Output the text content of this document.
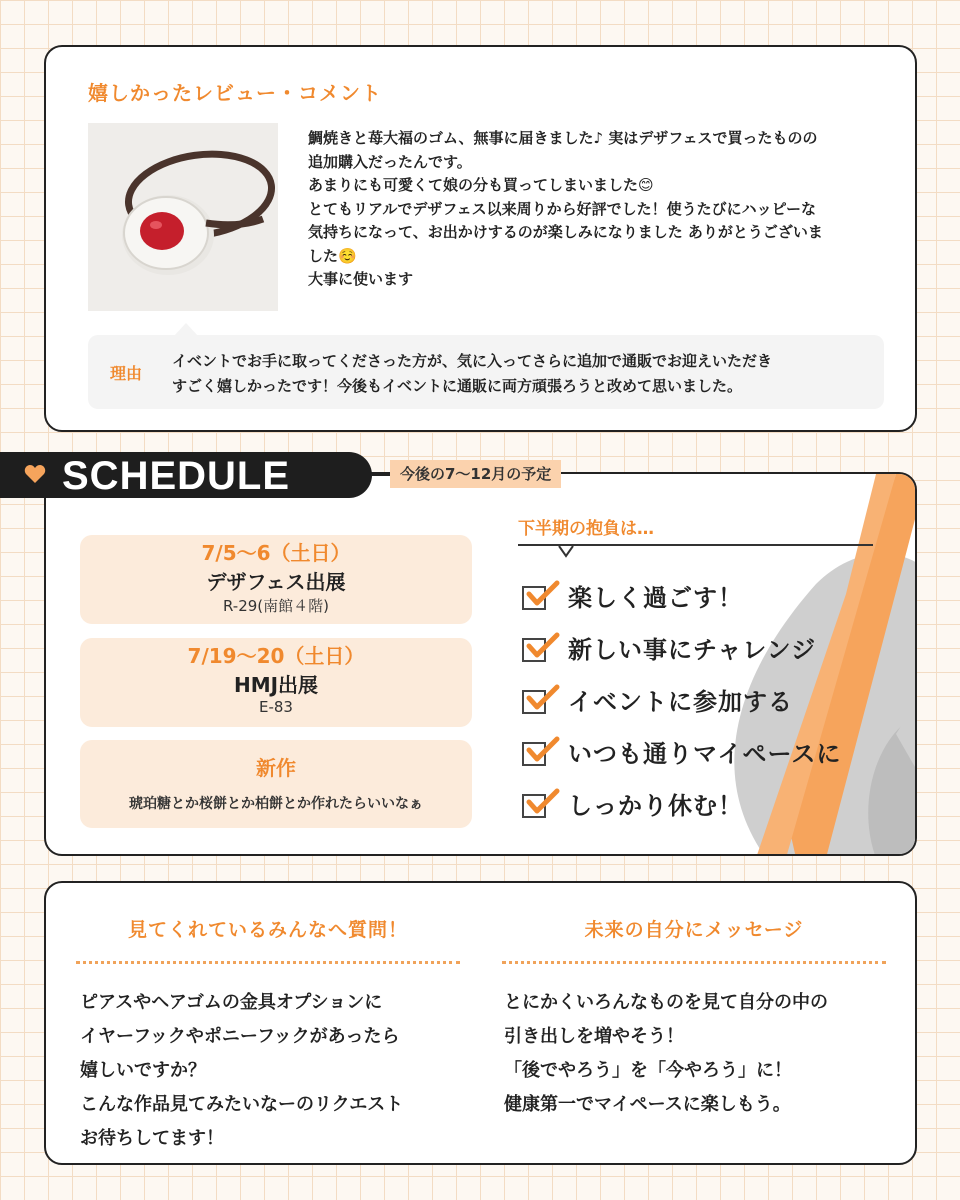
嬉しかったレビュー・コメント
鯛焼きと苺大福のゴム、無事に届きました♪ 実はデザフェスで買ったものの
追加購入だったんです。
あまりにも可愛くて娘の分も買ってしまいました😊
とてもリアルでデザフェス以来周りから好評でした！使うたびにハッピーな
気持ちになって、お出かけするのが楽しみになりました ありがとうございま
した☺️
大事に使います
理由
イベントでお手に取ってくださった方が、気に入ってさらに追加で通販でお迎えいただき
すごく嬉しかったです！今後もイベントに通販に両方頑張ろうと改めて思いました。
7/5〜6（土日）
デザフェス出展
R-29(南館４階)
7/19〜20（土日）
HMJ出展
E-83
新作
琥珀糖とか桜餅とか柏餅とか作れたらいいなぁ
下半期の抱負は…
楽しく過ごす！
新しい事にチャレンジ
イベントに参加する
いつも通りマイペースに
しっかり休む！
SCHEDULE	今後の7〜12月の予定
見てくれているみんなへ質問！
ピアスやヘアゴムの金具オプションに
イヤーフックやポニーフックがあったら
嬉しいですか？
こんな作品見てみたいなーのリクエスト
お待ちしてます！
未来の自分にメッセージ
とにかくいろんなものを見て自分の中の
引き出しを増やそう！
「後でやろう」を「今やろう」に！
健康第一でマイペースに楽しもう。
